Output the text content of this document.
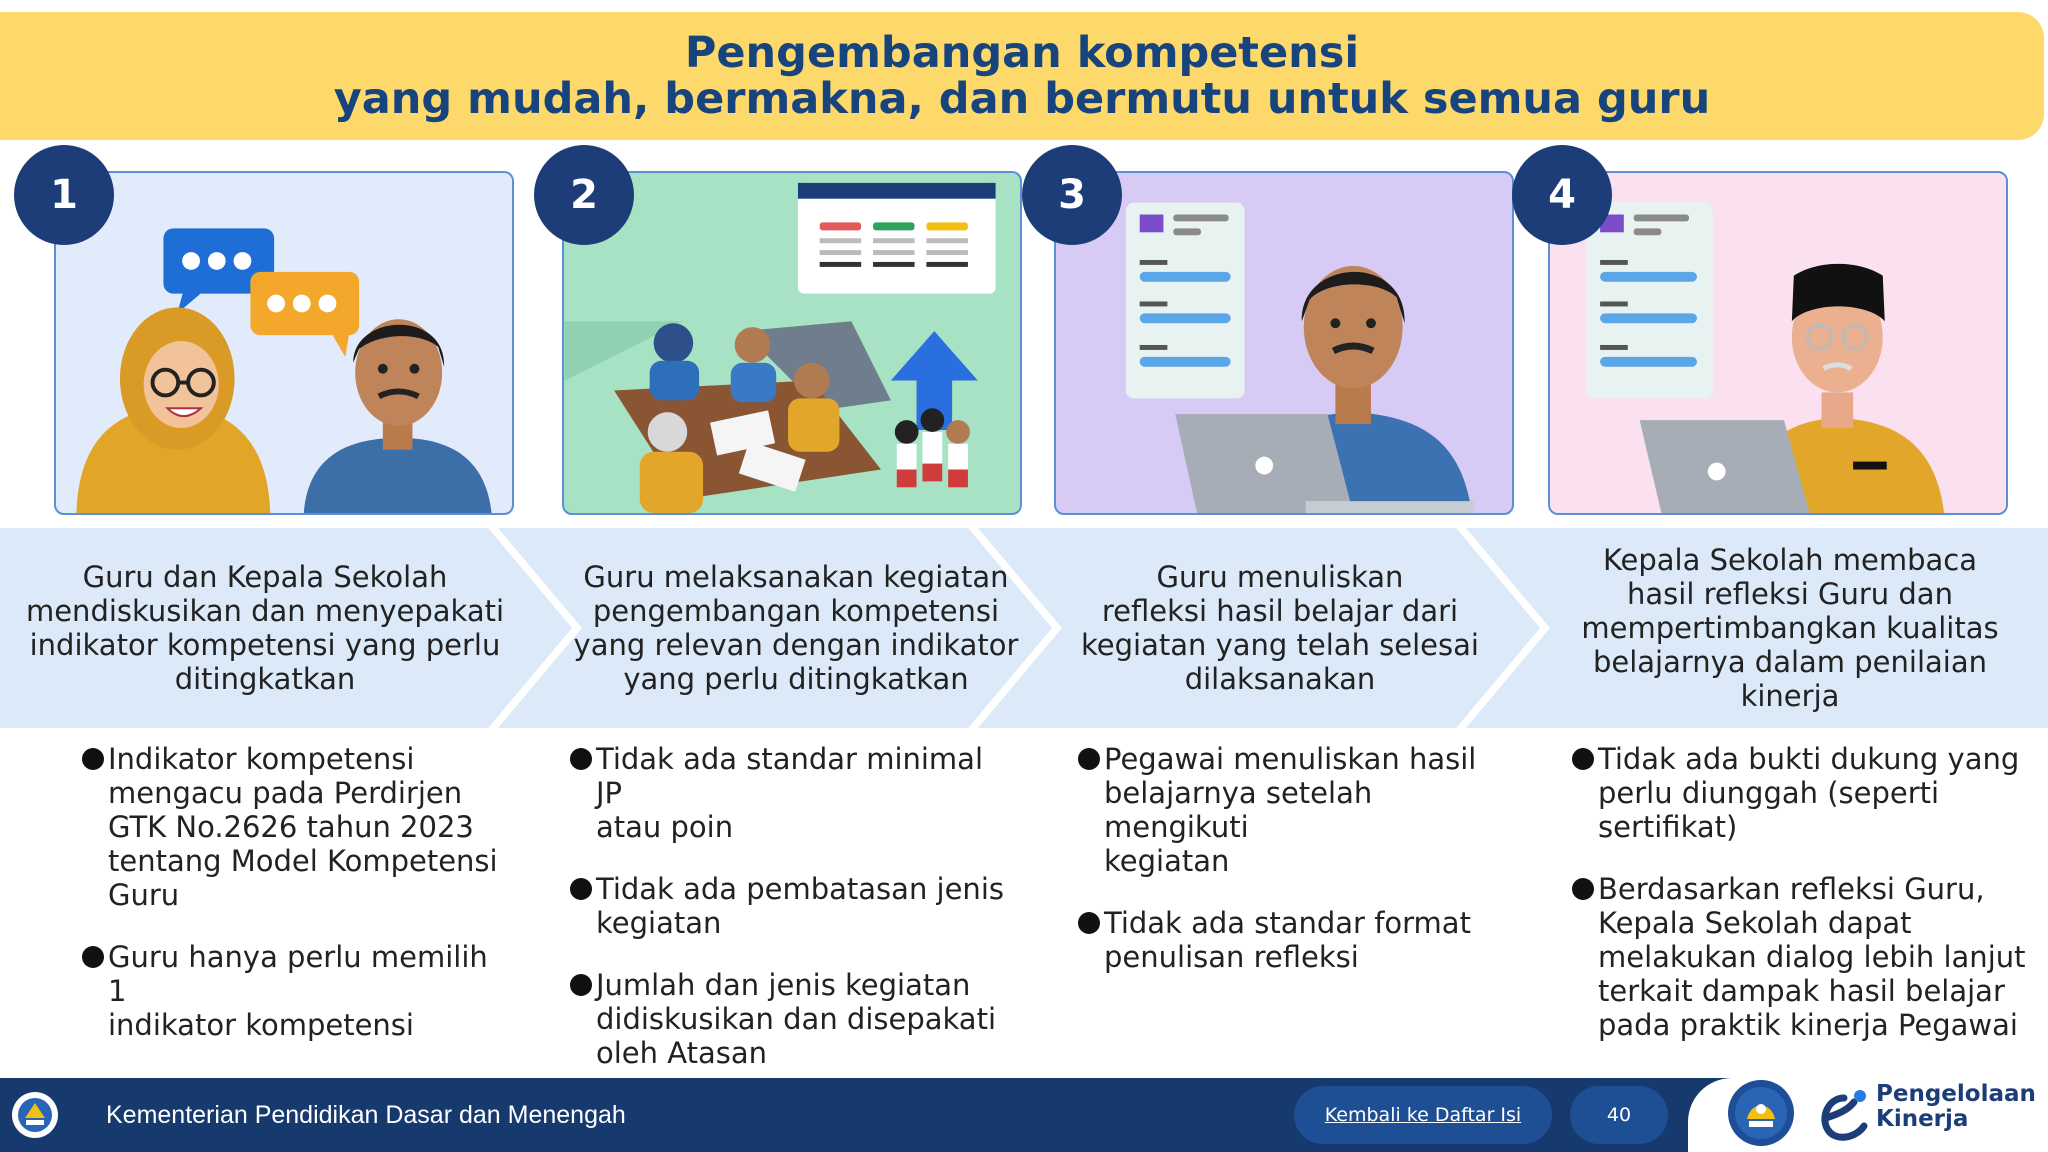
Pengembangan kompetensi
yang mudah, bermakna, dan bermutu untuk semua guru
1	2	3	4
Guru dan Kepala Sekolah
mendiskusikan dan menyepakati
indikator kompetensi yang perlu
ditingkatkan
Guru melaksanakan kegiatan
pengembangan kompetensi
yang relevan dengan indikator
yang perlu ditingkatkan
Guru menuliskan
refleksi hasil belajar dari
kegiatan yang telah selesai
dilaksanakan
Kepala Sekolah membaca
hasil refleksi Guru dan
mempertimbangkan kualitas
belajarnya dalam penilaian
kinerja
Indikator kompetensi
mengacu pada Perdirjen
GTK No.2626 tahun 2023
tentang Model Kompetensi
Guru
Guru hanya perlu memilih 1
indikator kompetensi
Tidak ada standar minimal JP
atau poin
Tidak ada pembatasan jenis
kegiatan
Jumlah dan jenis kegiatan
didiskusikan dan disepakati
oleh Atasan
Pegawai menuliskan hasil
belajarnya setelah mengikuti
kegiatan
Tidak ada standar format
penulisan refleksi
Tidak ada bukti dukung yang
perlu diunggah (seperti
sertifikat)
Berdasarkan refleksi Guru,
Kepala Sekolah dapat
melakukan dialog lebih lanjut
terkait dampak hasil belajar
pada praktik kinerja Pegawai
Kementerian Pendidikan Dasar dan Menengah	Kembali ke Daftar Isi	40
Pengelolaan
Kinerja
